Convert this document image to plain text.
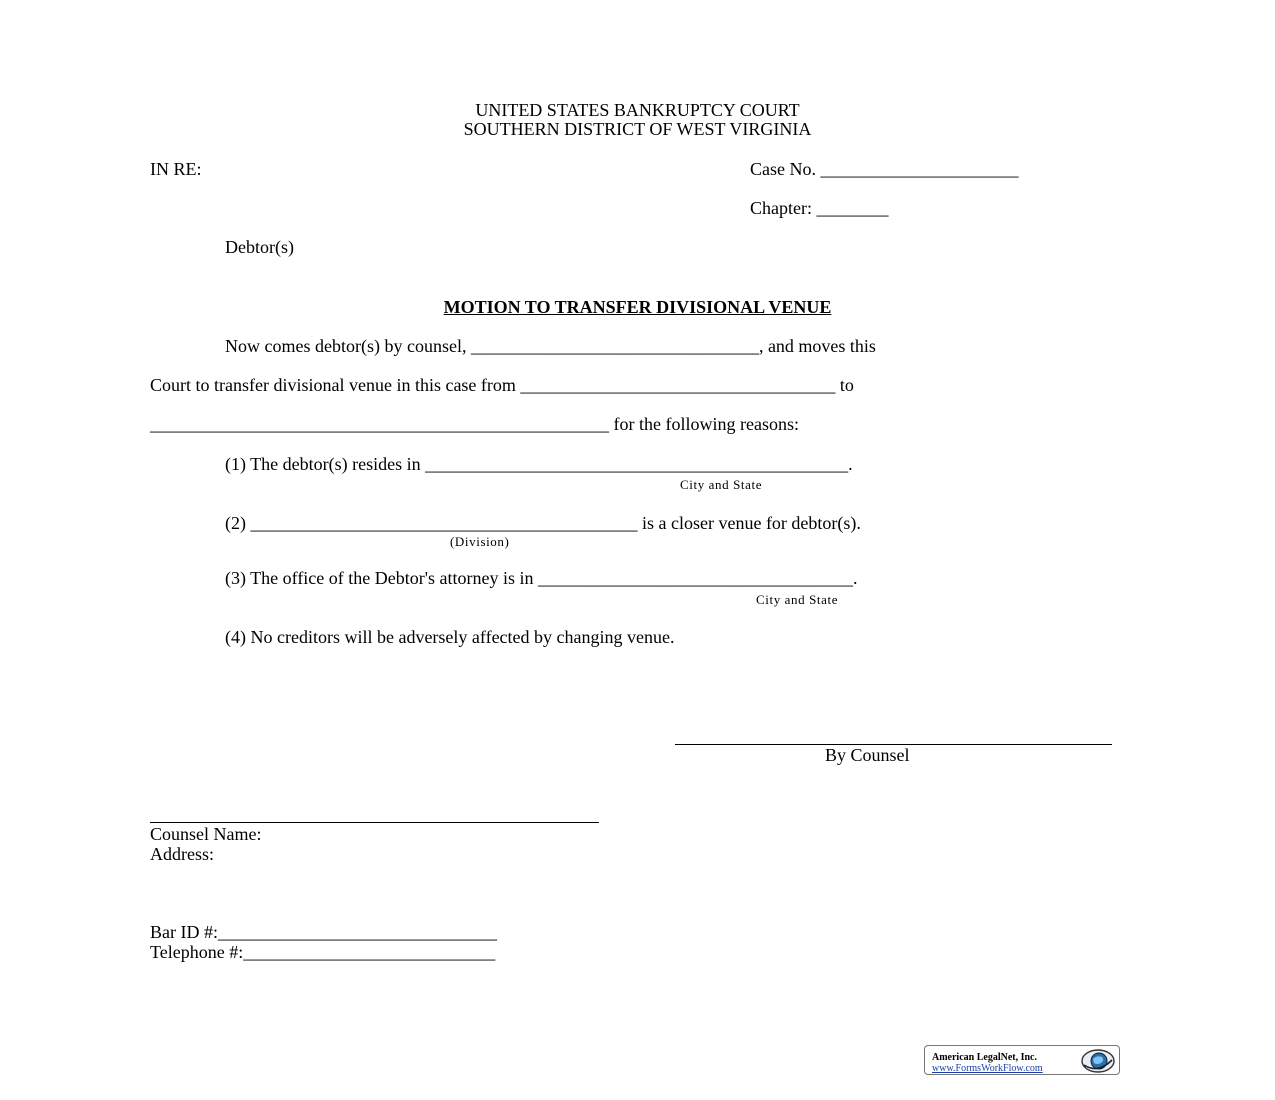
UNITED STATES BANKRUPTCY COURT
SOUTHERN DISTRICT OF WEST VIRGINIA
IN RE:	Case No. ______________________
Chapter: ________
Debtor(s)
MOTION TO TRANSFER DIVISIONAL VENUE
Now comes debtor(s) by counsel, ________________________________, and moves this
Court to transfer divisional venue in this case from ___________________________________ to
___________________________________________________ for the following reasons:
(1) The debtor(s) resides in _______________________________________________.
City and State
(2) ___________________________________________ is a closer venue for debtor(s).
(Division)
(3) The office of the Debtor's attorney is in ___________________________________.
City and State
(4) No creditors will be adversely affected by changing venue.
By Counsel
Counsel Name:
Address:
Bar ID #:_______________________________
Telephone #:____________________________
American LegalNet, Inc.
www.FormsWorkFlow.com
